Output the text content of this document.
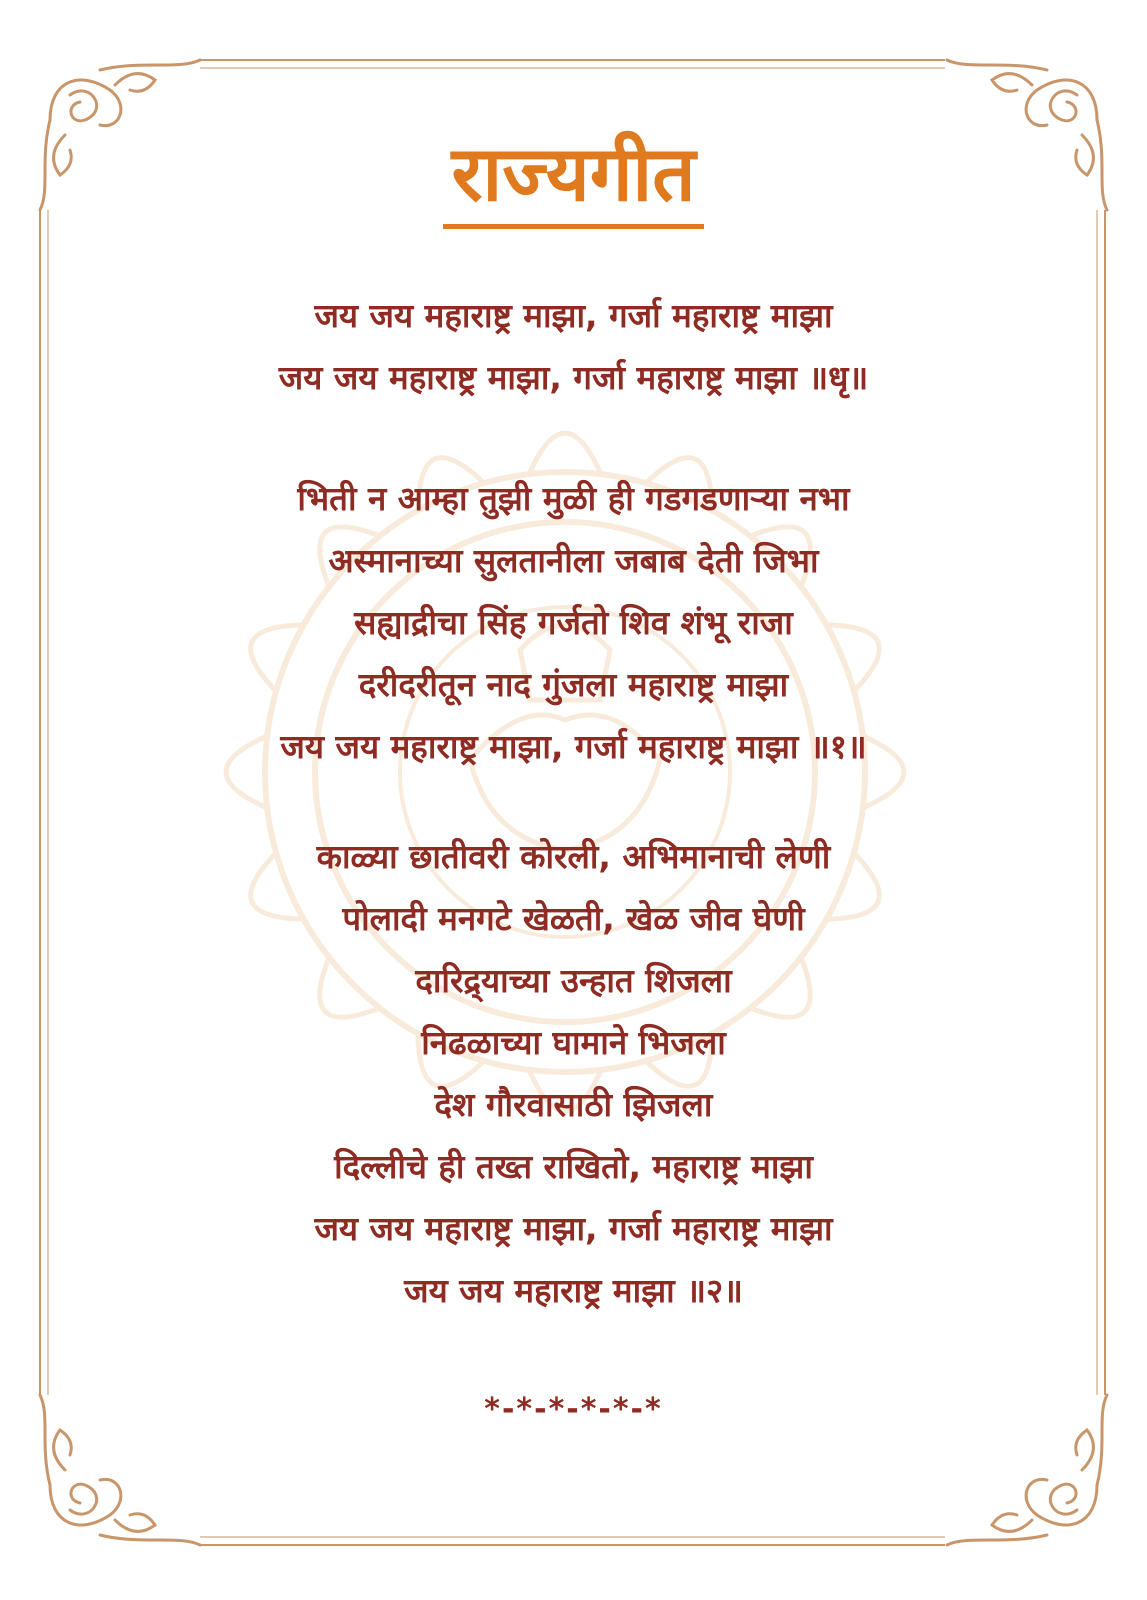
राज्यगीत
जय जय महाराष्ट्र माझा, गर्जा महाराष्ट्र माझा
जय जय महाराष्ट्र माझा, गर्जा महाराष्ट्र माझा ॥धृ॥
भिती न आम्हा तुझी मुळी ही गडगडणाऱ्या नभा
अस्मानाच्या सुलतानीला जबाब देती जिभा
सह्याद्रीचा सिंह गर्जतो शिव शंभू राजा
दरीदरीतून नाद गुंजला महाराष्ट्र माझा
जय जय महाराष्ट्र माझा, गर्जा महाराष्ट्र माझा ॥१॥
काळ्या छातीवरी कोरली, अभिमानाची लेणी
पोलादी मनगटे खेळती, खेळ जीव घेणी
दारिद्र्याच्या उन्हात शिजला
निढळाच्या घामाने भिजला
देश गौरवासाठी झिजला
दिल्लीचे ही तख्त राखितो, महाराष्ट्र माझा
जय जय महाराष्ट्र माझा, गर्जा महाराष्ट्र माझा
जय जय महाराष्ट्र माझा ॥२॥
*-*-*-*-*-*
